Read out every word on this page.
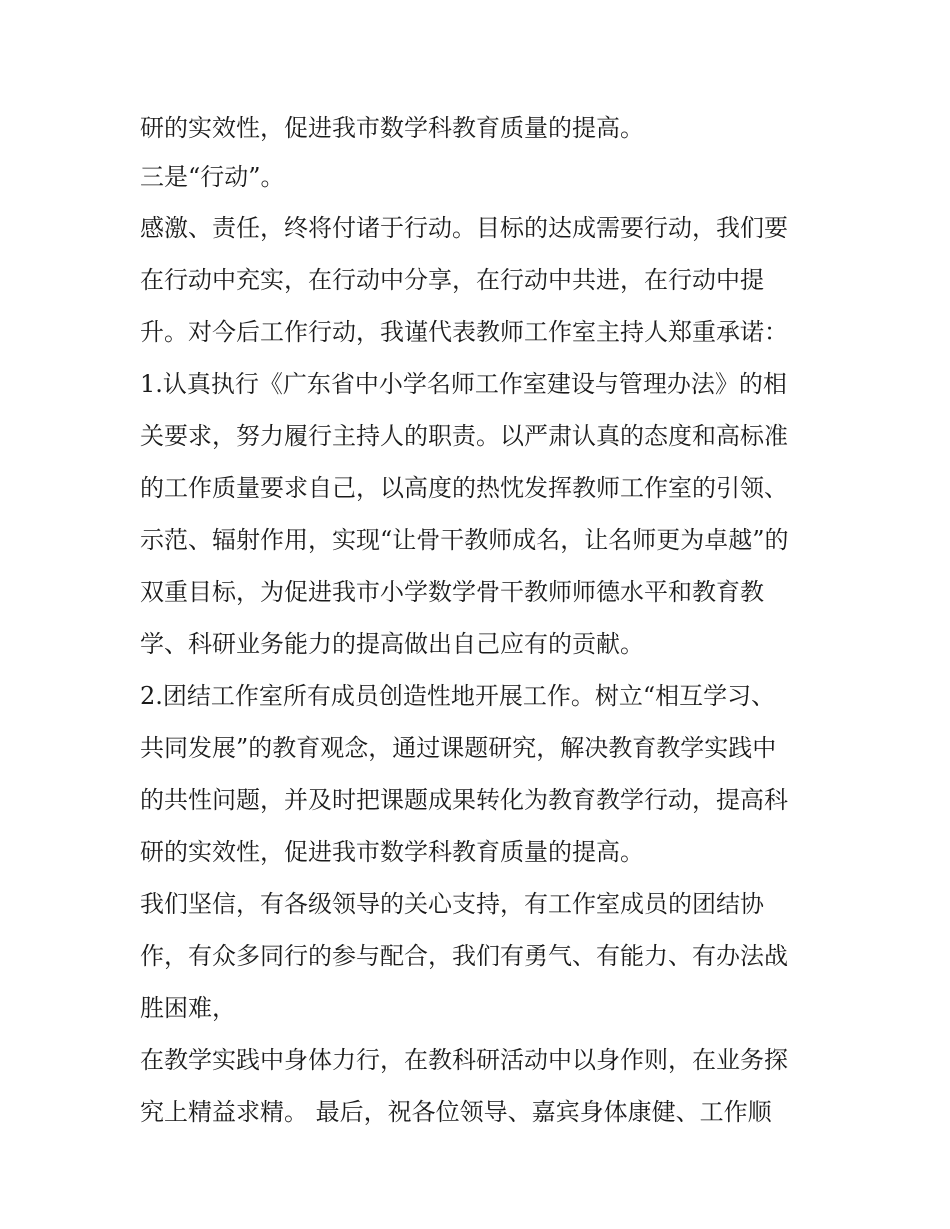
研的实效性，促进我市数学科教育质量的提高。
三是“行动”。
感激、责任，终将付诸于行动。目标的达成需要行动，我们要
在行动中充实，在行动中分享，在行动中共进，在行动中提
升。对今后工作行动，我谨代表教师工作室主持人郑重承诺：
1.认真执行《广东省中小学名师工作室建设与管理办法》的相
关要求，努力履行主持人的职责。以严肃认真的态度和高标准
的工作质量要求自己，以高度的热忱发挥教师工作室的引领、
示范、辐射作用，实现“让骨干教师成名，让名师更为卓越”的
双重目标，为促进我市小学数学骨干教师师德水平和教育教
学、科研业务能力的提高做出自己应有的贡献。
2.团结工作室所有成员创造性地开展工作。树立“相互学习、
共同发展”的教育观念，通过课题研究，解决教育教学实践中
的共性问题，并及时把课题成果转化为教育教学行动，提高科
研的实效性，促进我市数学科教育质量的提高。
我们坚信，有各级领导的关心支持，有工作室成员的团结协
作，有众多同行的参与配合，我们有勇气、有能力、有办法战
胜困难，
在教学实践中身体力行，在教科研活动中以身作则，在业务探
究上精益求精。 最后，祝各位领导、嘉宾身体康健、工作顺
